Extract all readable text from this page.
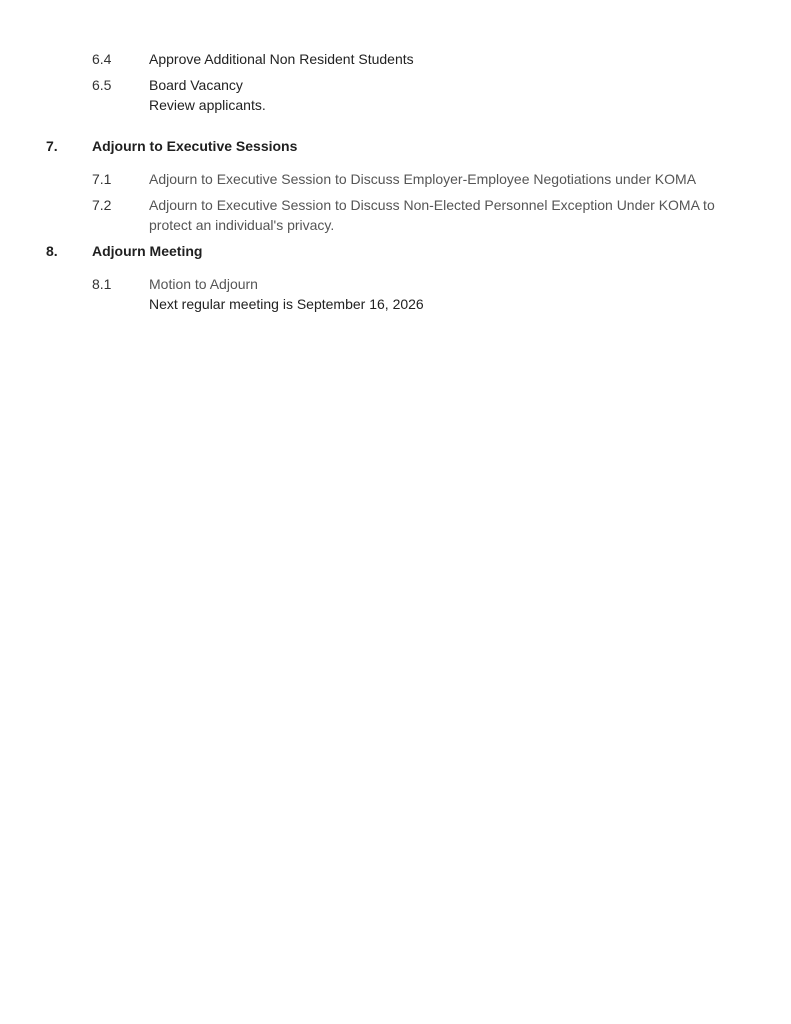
6.4	Approve Additional Non Resident Students
6.5	Board Vacancy
Review applicants.
7.	Adjourn to Executive Sessions
7.1	Adjourn to Executive Session to Discuss Employer-Employee Negotiations under KOMA
7.2	Adjourn to Executive Session to Discuss Non-Elected Personnel Exception Under KOMA to protect an individual's privacy.
8.	Adjourn Meeting
8.1	Motion to Adjourn
Next regular meeting is September 16, 2026
